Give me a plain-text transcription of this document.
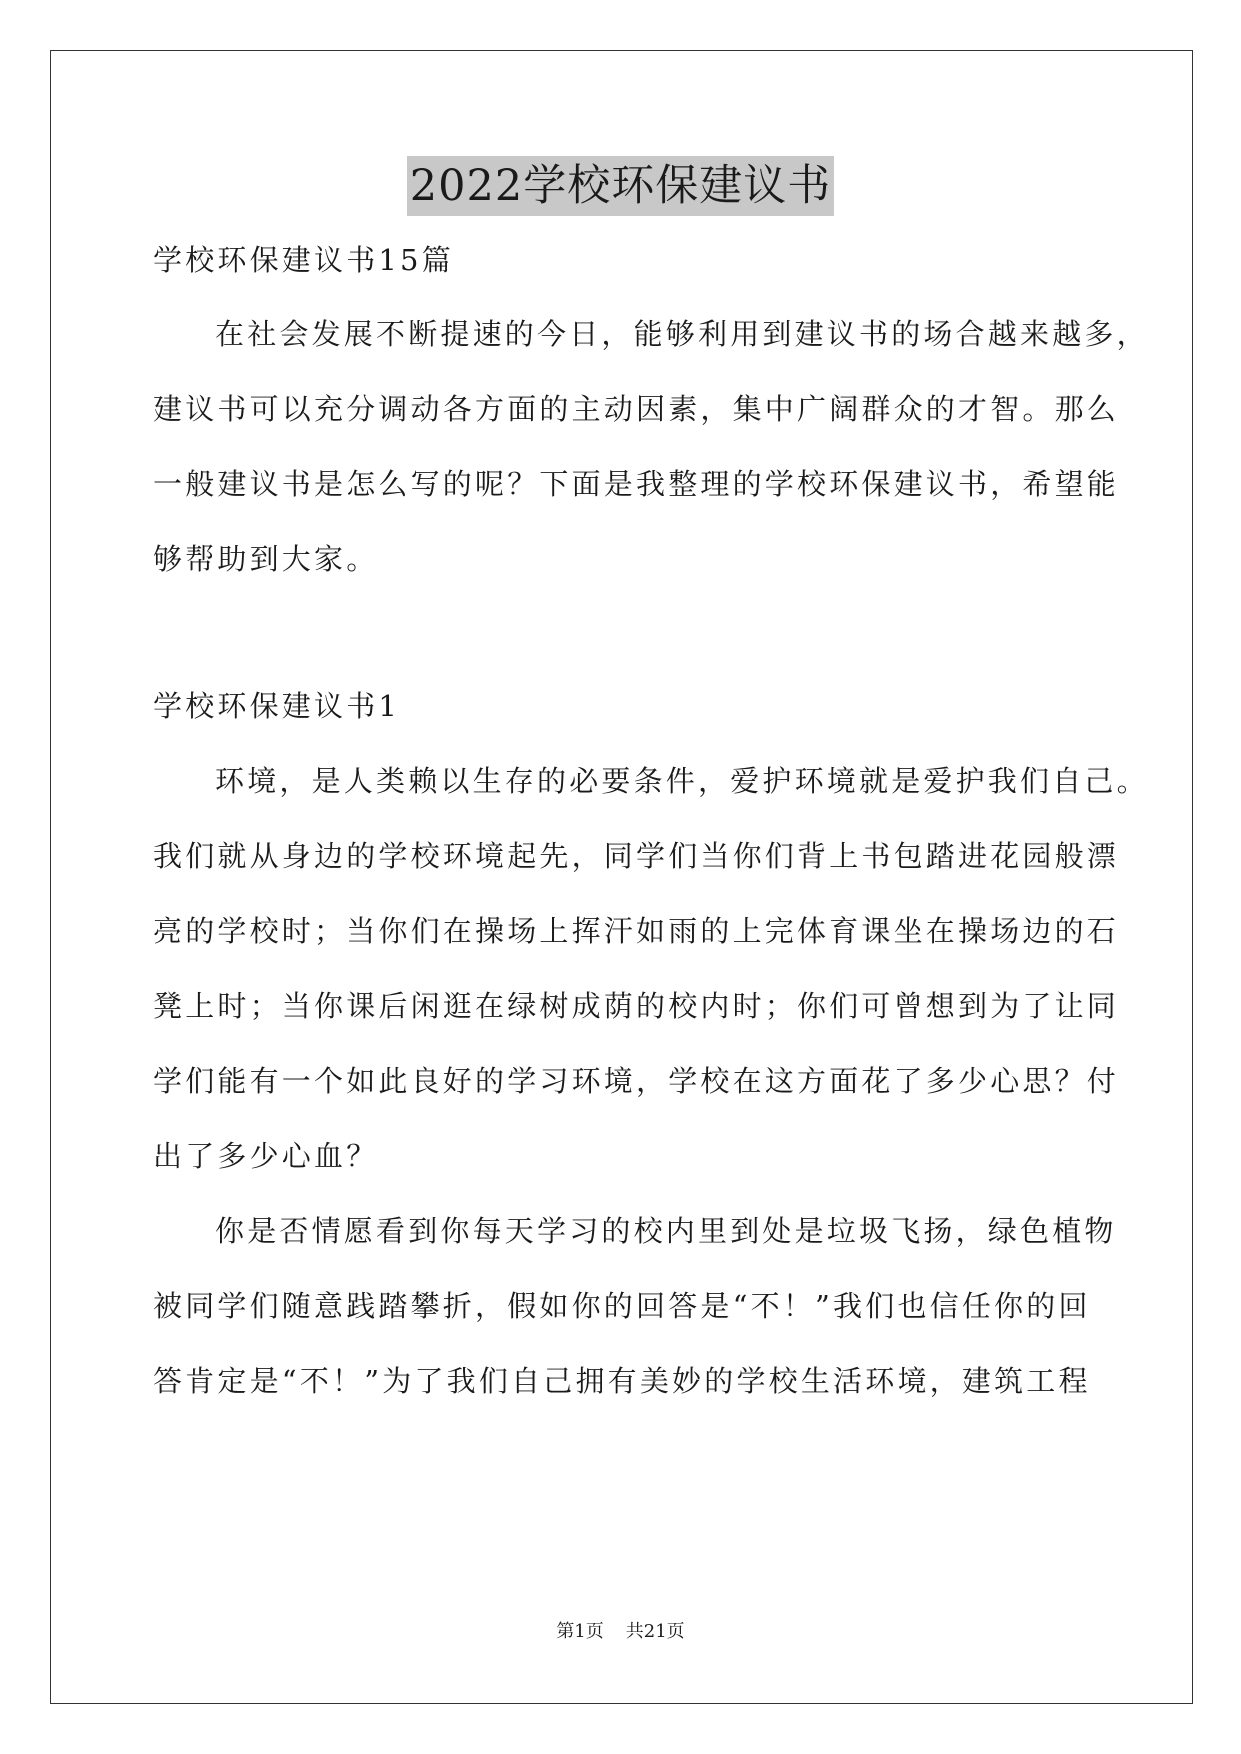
2022学校环保建议书
学校环保建议书15篇
在社会发展不断提速的今日，能够利用到建议书的场合越来越多，
建议书可以充分调动各方面的主动因素，集中广阔群众的才智。那么
一般建议书是怎么写的呢？下面是我整理的学校环保建议书，希望能
够帮助到大家。
学校环保建议书1
环境，是人类赖以生存的必要条件，爱护环境就是爱护我们自己。
我们就从身边的学校环境起先，同学们当你们背上书包踏进花园般漂
亮的学校时；当你们在操场上挥汗如雨的上完体育课坐在操场边的石
凳上时；当你课后闲逛在绿树成荫的校内时；你们可曾想到为了让同
学们能有一个如此良好的学习环境，学校在这方面花了多少心思？付
出了多少心血？
你是否情愿看到你每天学习的校内里到处是垃圾飞扬，绿色植物
被同学们随意践踏攀折，假如你的回答是“不！”我们也信任你的回
答肯定是“不！”为了我们自己拥有美妙的学校生活环境，建筑工程
第1页 共21页
